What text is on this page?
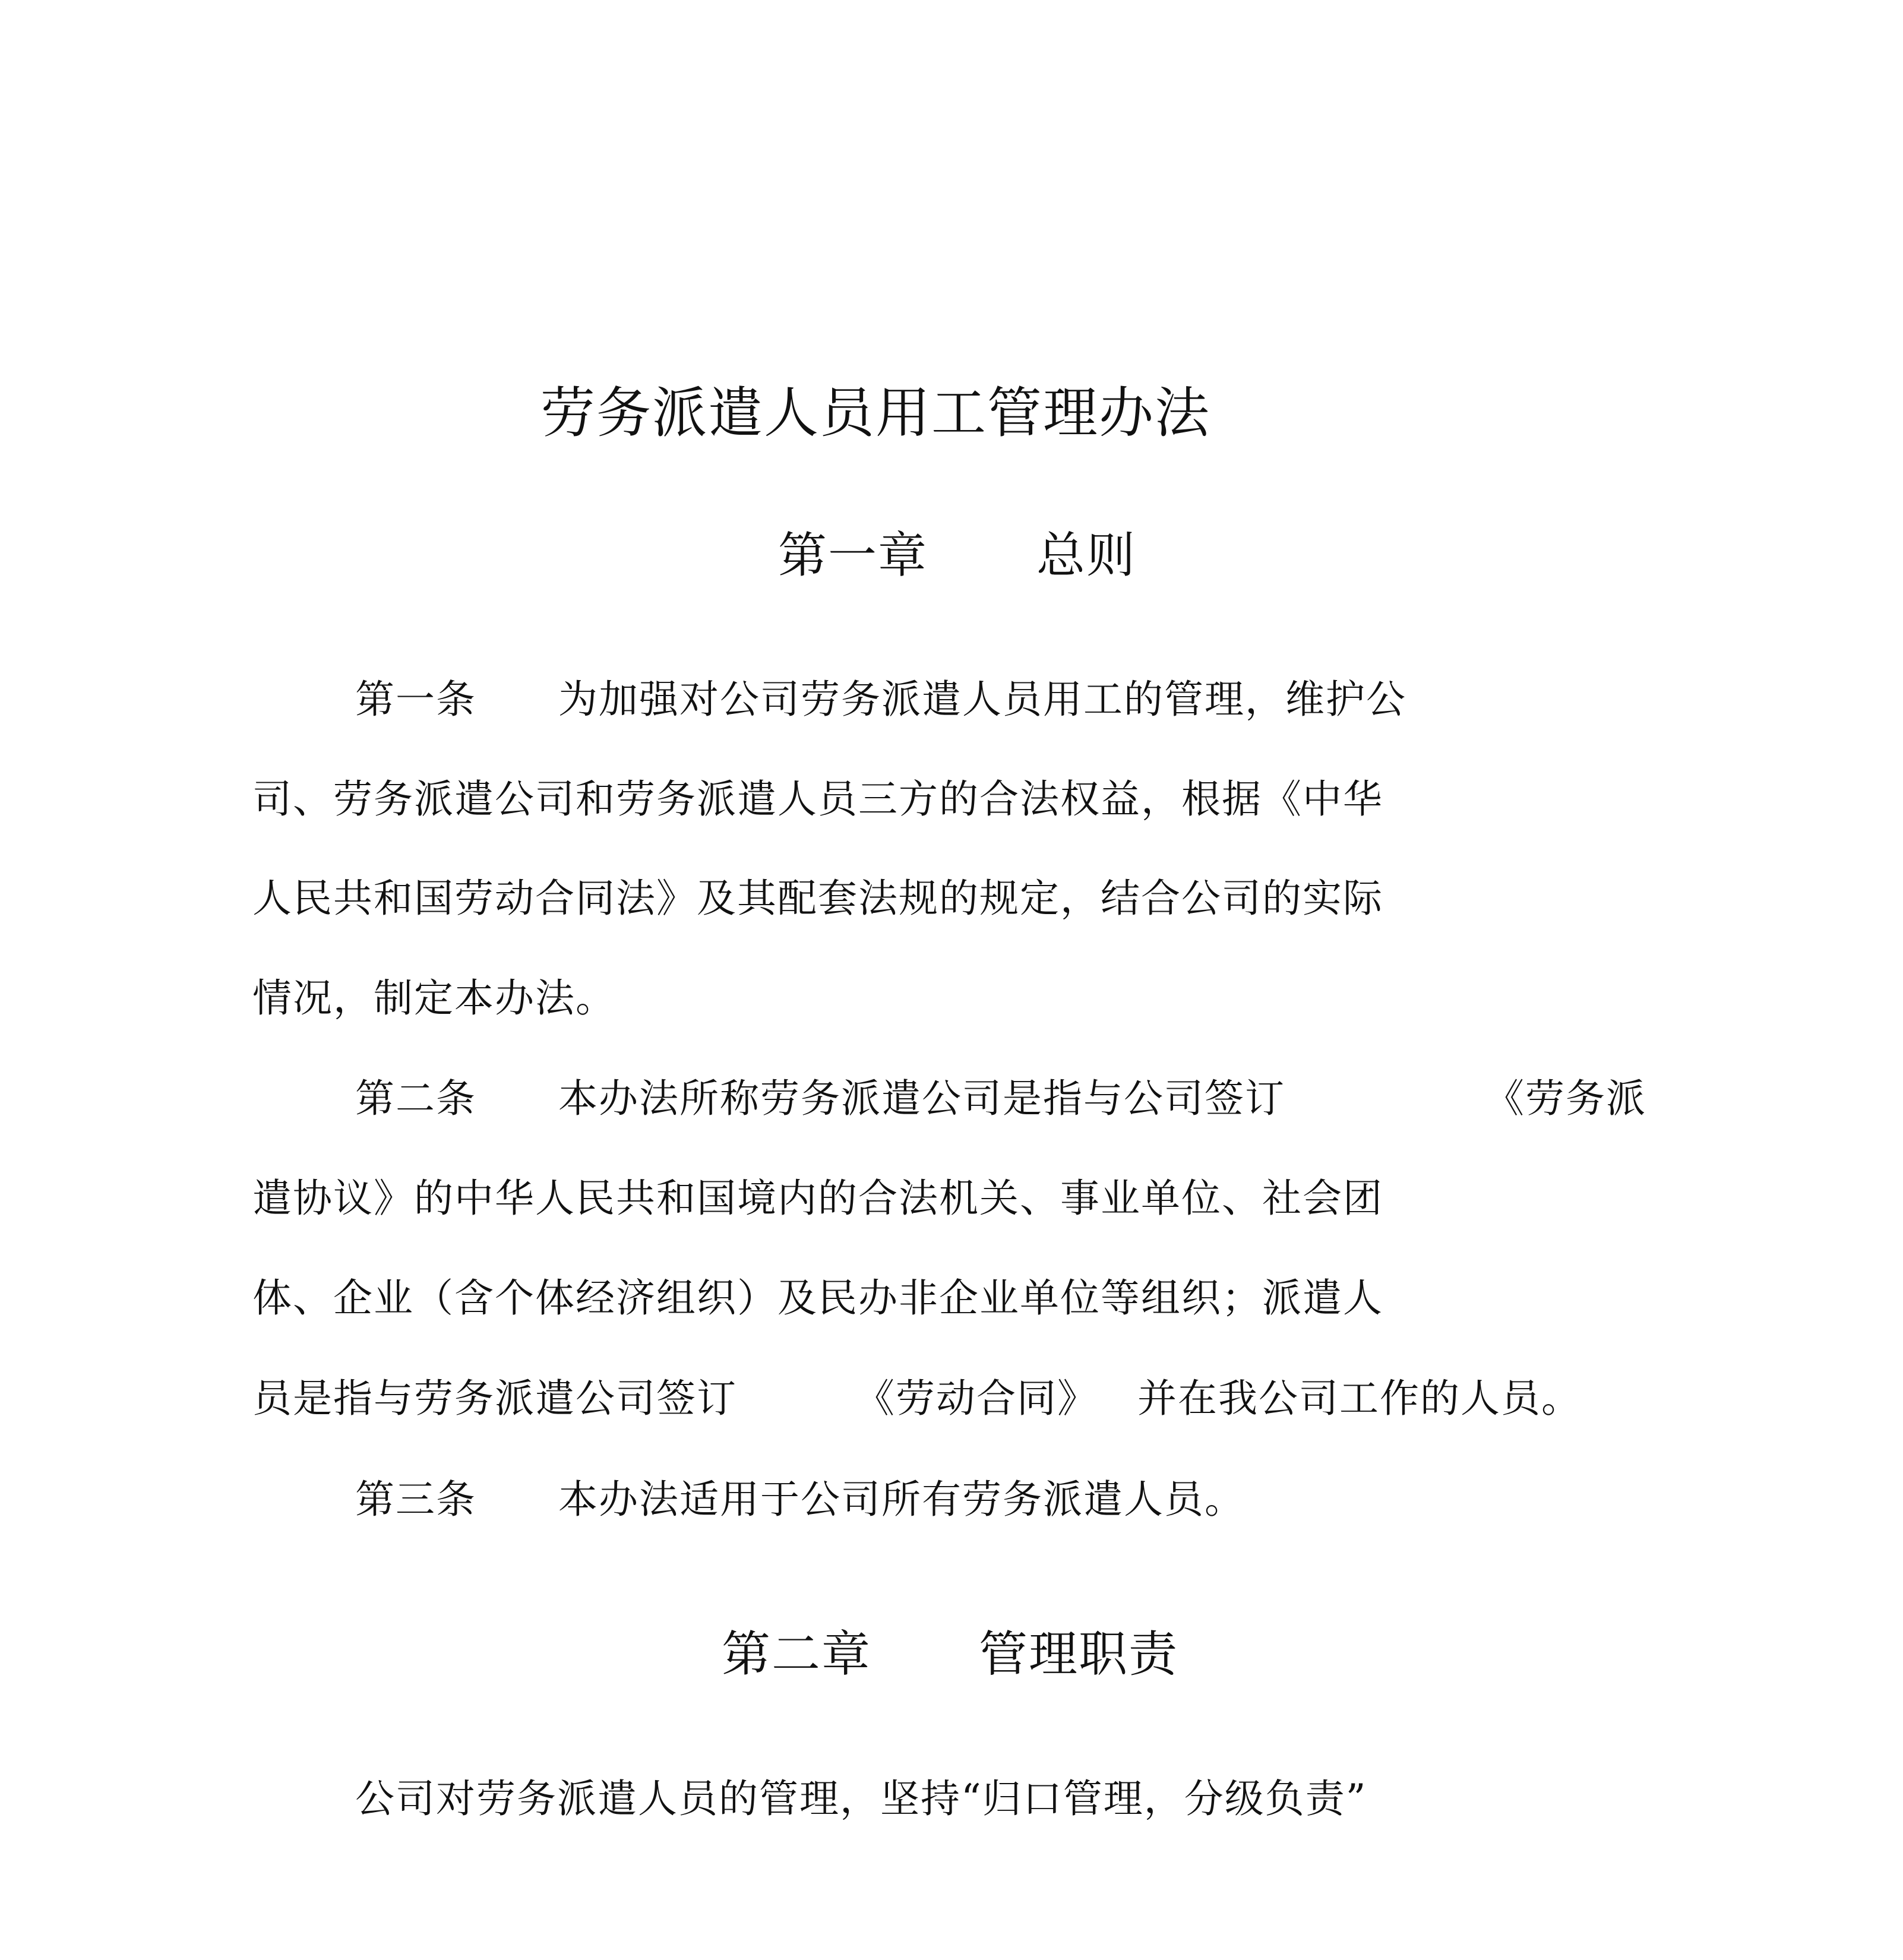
劳务派遣人员用工管理办法
第一章 总则
第一条 为加强对公司劳务派遣人员用工的管理，维护公
司、劳务派遣公司和劳务派遣人员三方的合法权益，根据《中华
人民共和国劳动合同法》及其配套法规的规定，结合公司的实际
情况，制定本办法。
第二条 本办法所称劳务派遣公司是指与公司签订	《劳务派
遣协议》的中华人民共和国境内的合法机关、事业单位、社会团
体、企业（含个体经济组织）及民办非企业单位等组织；派遣人
员是指与劳务派遣公司签订	《劳动合同》 并在我公司工作的人员。
第三条 本办法适用于公司所有劳务派遣人员。
第二章 管理职责
公司对劳务派遣人员的管理，坚持“归口管理，分级负责”
